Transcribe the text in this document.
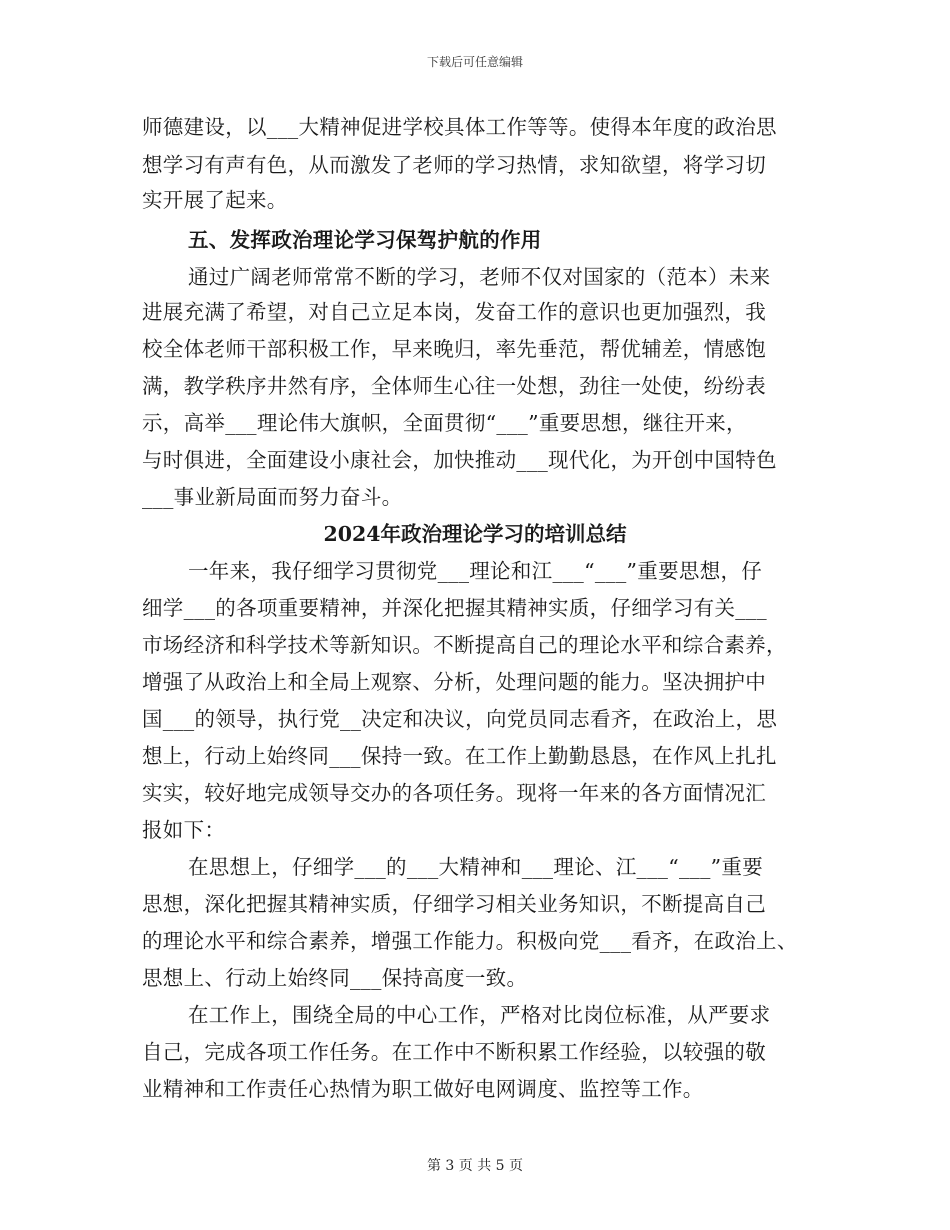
下载后可任意编辑
师德建设，以___大精神促进学校具体工作等等。使得本年度的政治思
想学习有声有色，从而激发了老师的学习热情，求知欲望，将学习切
实开展了起来。
五、发挥政治理论学习保驾护航的作用
通过广阔老师常常不断的学习，老师不仅对国家的（范本）未来
进展充满了希望，对自己立足本岗，发奋工作的意识也更加强烈，我
校全体老师干部积极工作，早来晚归，率先垂范，帮优辅差，情感饱
满，教学秩序井然有序，全体师生心往一处想，劲往一处使，纷纷表
示，高举___理论伟大旗帜，全面贯彻“___”重要思想，继往开来，
与时俱进，全面建设小康社会，加快推动___现代化，为开创中国特色
___事业新局面而努力奋斗。
2024年政治理论学习的培训总结
一年来，我仔细学习贯彻党___理论和江___“___”重要思想，仔
细学___的各项重要精神，并深化把握其精神实质，仔细学习有关___
市场经济和科学技术等新知识。不断提高自己的理论水平和综合素养，
增强了从政治上和全局上观察、分析，处理问题的能力。坚决拥护中
国___的领导，执行党__决定和决议，向党员同志看齐，在政治上，思
想上，行动上始终同___保持一致。在工作上勤勤恳恳，在作风上扎扎
实实，较好地完成领导交办的各项任务。现将一年来的各方面情况汇
报如下：
在思想上，仔细学___的___大精神和___理论、江___“___”重要
思想，深化把握其精神实质，仔细学习相关业务知识，不断提高自己
的理论水平和综合素养，增强工作能力。积极向党___看齐，在政治上、
思想上、行动上始终同___保持高度一致。
在工作上，围绕全局的中心工作，严格对比岗位标准，从严要求
自己，完成各项工作任务。在工作中不断积累工作经验，以较强的敬
业精神和工作责任心热情为职工做好电网调度、监控等工作。
第 3 页 共 5 页
